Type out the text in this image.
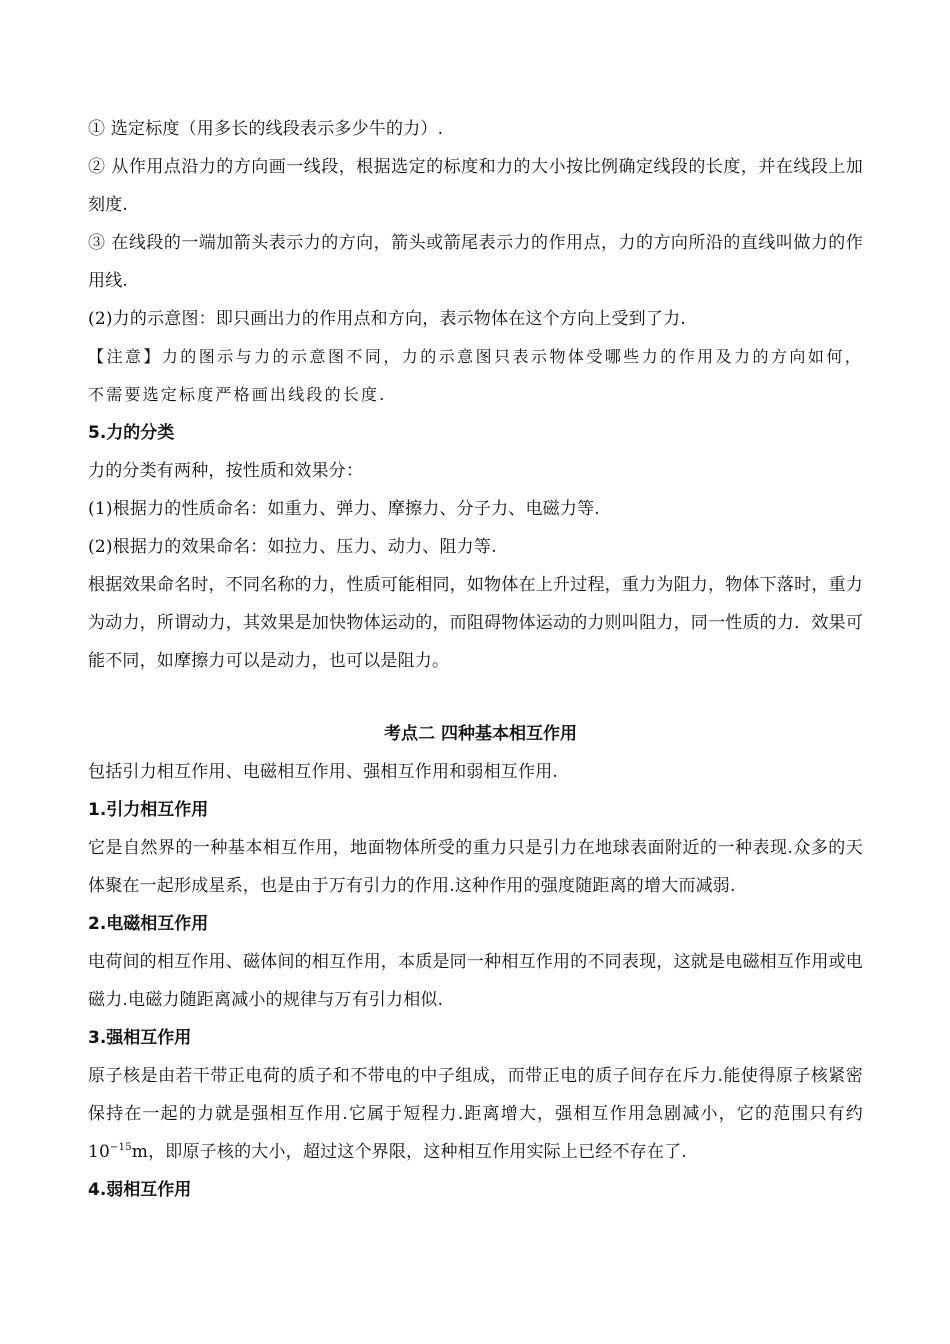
① 选定标度（用多长的线段表示多少牛的力）.
② 从作用点沿力的方向画一线段，根据选定的标度和力的大小按比例确定线段的长度，并在线段上加刻度.
③ 在线段的一端加箭头表示力的方向，箭头或箭尾表示力的作用点，力的方向所沿的直线叫做力的作用线.
(2)力的示意图：即只画出力的作用点和方向，表示物体在这个方向上受到了力.
【注意】力的图示与力的示意图不同，力的示意图只表示物体受哪些力的作用及力的方向如何，不需要选定标度严格画出线段的长度.
5.力的分类
力的分类有两种，按性质和效果分：
(1)根据力的性质命名：如重力、弹力、摩擦力、分子力、电磁力等.
(2)根据力的效果命名：如拉力、压力、动力、阻力等.
根据效果命名时，不同名称的力，性质可能相同，如物体在上升过程，重力为阻力，物体下落时，重力为动力，所谓动力，其效果是加快物体运动的，而阻碍物体运动的力则叫阻力，同一性质的力．效果可能不同，如摩擦力可以是动力，也可以是阻力。
考点二 四种基本相互作用
包括引力相互作用、电磁相互作用、强相互作用和弱相互作用.
1.引力相互作用
它是自然界的一种基本相互作用，地面物体所受的重力只是引力在地球表面附近的一种表现.众多的天体聚在一起形成星系，也是由于万有引力的作用.这种作用的强度随距离的增大而减弱.
2.电磁相互作用
电荷间的相互作用、磁体间的相互作用，本质是同一种相互作用的不同表现，这就是电磁相互作用或电磁力.电磁力随距离减小的规律与万有引力相似.
3.强相互作用
原子核是由若干带正电荷的质子和不带电的中子组成，而带正电的质子间存在斥力.能使得原子核紧密保持在一起的力就是强相互作用.它属于短程力.距离增大，强相互作用急剧减小，它的范围只有约 $10^{-15}m$，即原子核的大小，超过这个界限，这种相互作用实际上已经不存在了.
4.弱相互作用
